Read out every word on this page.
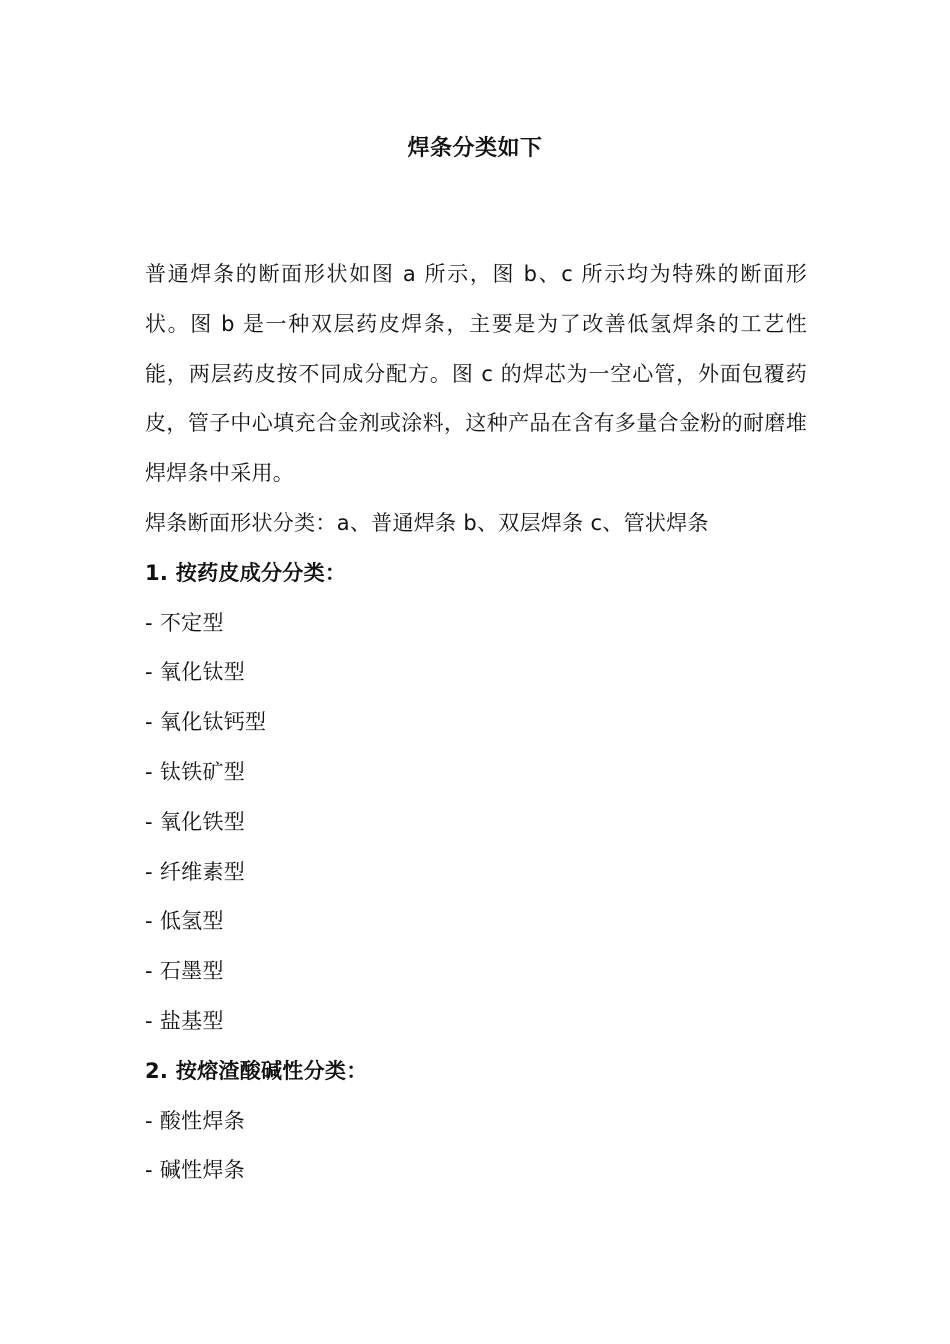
焊条分类如下

普通焊条的断面形状如图 a 所示，图 b、c 所示均为特殊的断面形状。图 b 是一种双层药皮焊条，主要是为了改善低氢焊条的工艺性能，两层药皮按不同成分配方。图 c 的焊芯为一空心管，外面包覆药皮，管子中心填充合金剂或涂料，这种产品在含有多量合金粉的耐磨堆焊焊条中采用。

焊条断面形状分类：a、普通焊条 b、双层焊条 c、管状焊条

1. 按药皮成分分类：

- 不定型
- 氧化钛型
- 氧化钛钙型
- 钛铁矿型
- 氧化铁型
- 纤维素型
- 低氢型
- 石墨型
- 盐基型

2. 按熔渣酸碱性分类：

- 酸性焊条
- 碱性焊条
